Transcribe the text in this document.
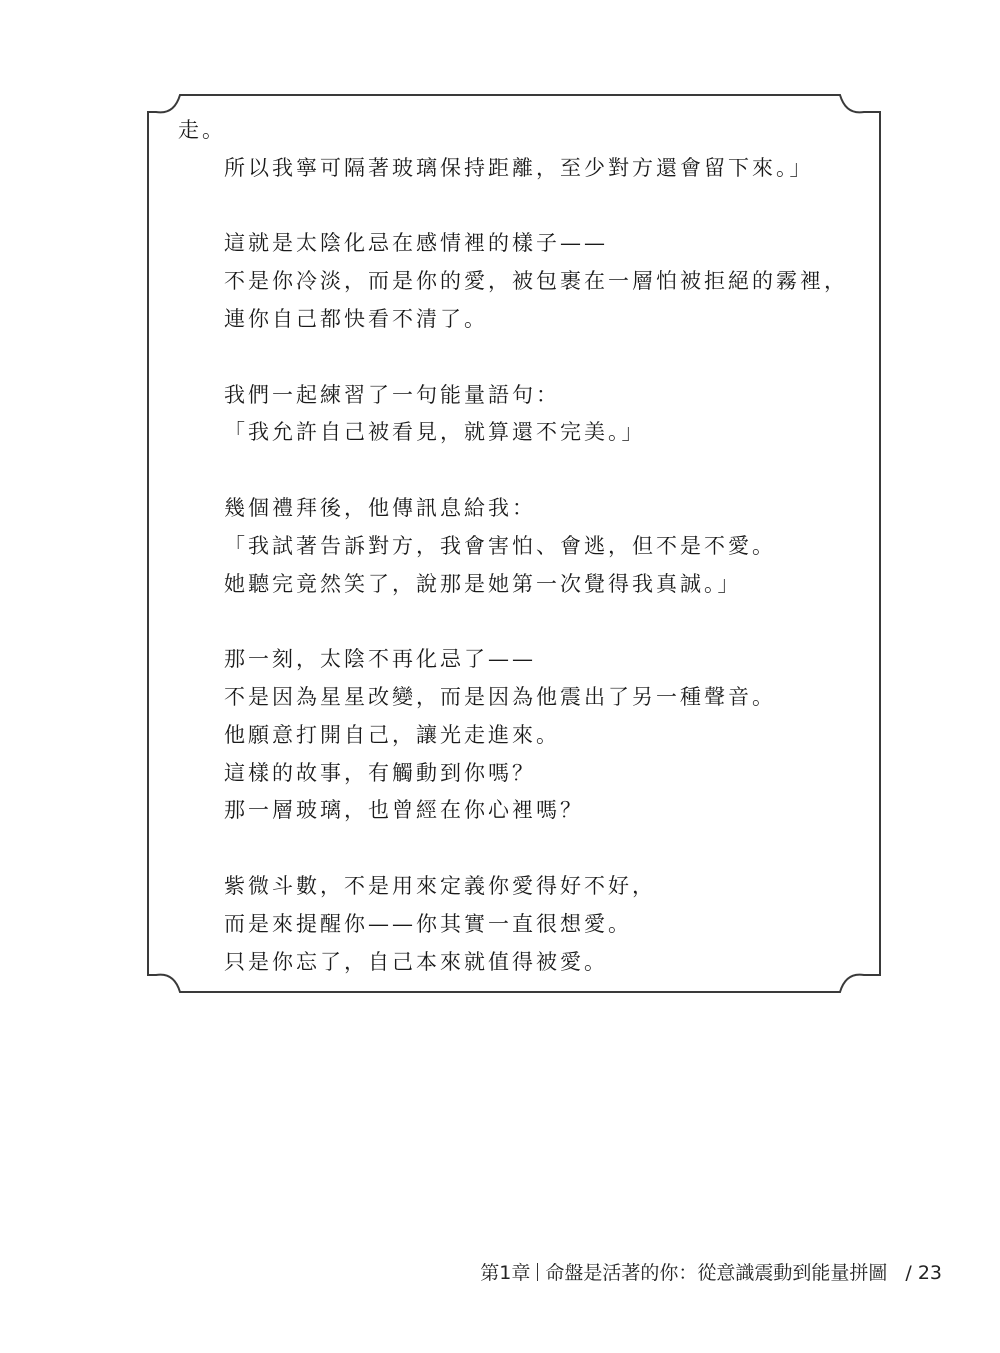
走。
所以我寧可隔著玻璃保持距離，至少對方還會留下來。」
這就是太陰化忌在感情裡的樣子——
不是你冷淡，而是你的愛，被包裹在一層怕被拒絕的霧裡，
連你自己都快看不清了。
我們一起練習了一句能量語句：
「我允許自己被看見，就算還不完美。」
幾個禮拜後，他傳訊息給我：
「我試著告訴對方，我會害怕、會逃，但不是不愛。
她聽完竟然笑了，說那是她第一次覺得我真誠。」
那一刻，太陰不再化忌了——
不是因為星星改變，而是因為他震出了另一種聲音。
他願意打開自己，讓光走進來。
這樣的故事，有觸動到你嗎？
那一層玻璃，也曾經在你心裡嗎？
紫微斗數，不是用來定義你愛得好不好，
而是來提醒你——你其實一直很想愛。
只是你忘了，自己本來就值得被愛。
第1章 命盤是活著的你：從意識震動到能量拼圖 / 23
